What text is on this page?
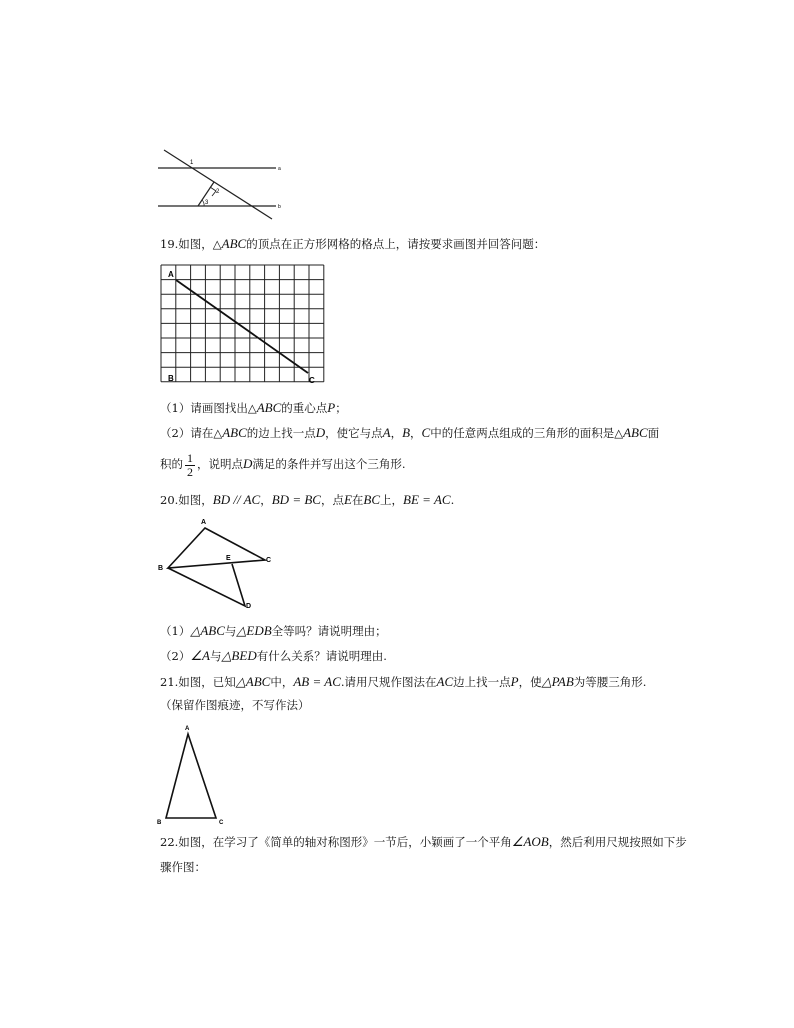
1
2
3
a
b
19.如图，△ABC的顶点在正方形网格的格点上，请按要求画图并回答问题：
A
B	C
（1）请画图找出△ABC的重心点P；
（2）请在△ABC的边上找一点D，使它与点A，B，C中的任意两点组成的三角形的面积是△ABC面
积的 $\frac{1}{2}$ ，说明点D满足的条件并写出这个三角形.
20.如图，BD // AC，BD = BC，点E在BC上，BE = AC.
A
B
C
E
D
（1）△ABC与△EDB全等吗？请说明理由；
（2）∠A与△BED有什么关系？请说明理由.
21.如图，已知△ABC中，AB = AC.请用尺规作图法在AC边上找一点P，使△PAB为等腰三角形.
（保留作图痕迹，不写作法）
A
B	C
22.如图，在学习了《简单的轴对称图形》一节后，小颖画了一个平角∠AOB，然后利用尺规按照如下步
骤作图：
